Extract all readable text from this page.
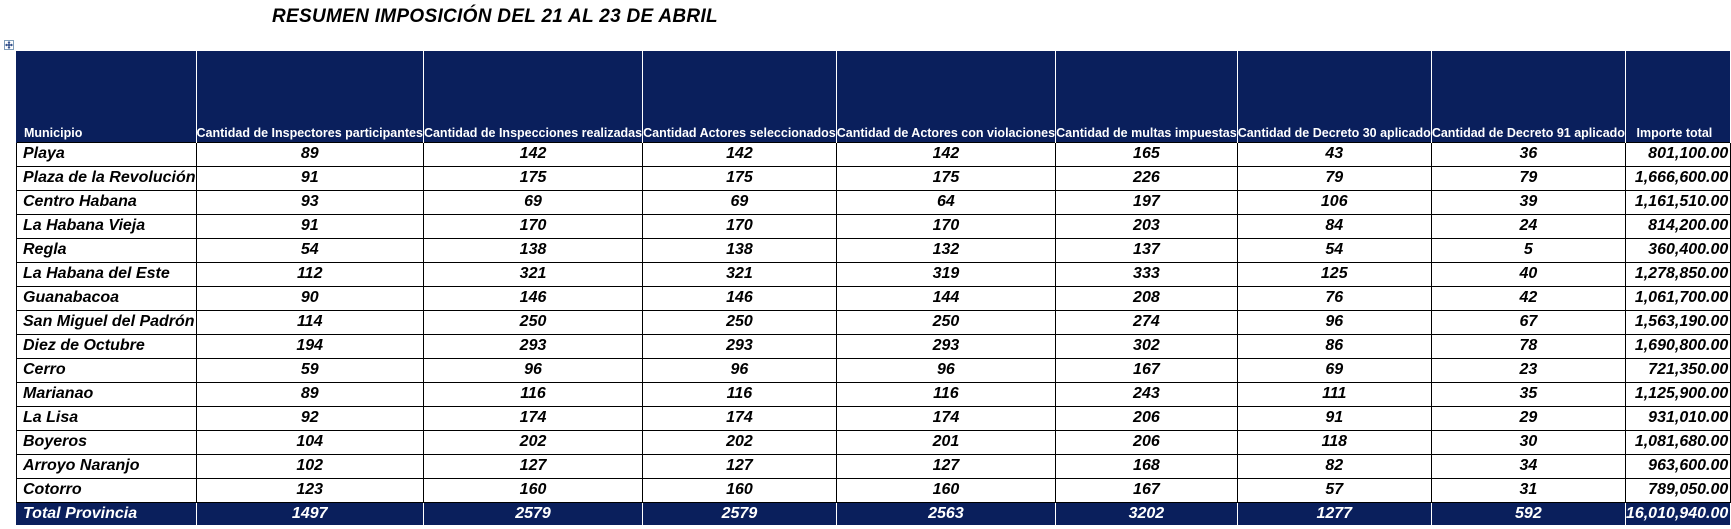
RESUMEN IMPOSICIÓN DEL 21 AL 23 DE ABRIL
Municipio	Cantidad de Inspectores participantes	Cantidad de Inspecciones realizadas	Cantidad Actores seleccionados	Cantidad de Actores con violaciones	Cantidad de multas impuestas	Cantidad de Decreto 30 aplicado	Cantidad de Decreto 91 aplicado	Importe total
Playa	89	142	142	142	165	43	36	801,100.00
Plaza de la Revolución	91	175	175	175	226	79	79	1,666,600.00
Centro Habana	93	69	69	64	197	106	39	1,161,510.00
La Habana Vieja	91	170	170	170	203	84	24	814,200.00
Regla	54	138	138	132	137	54	5	360,400.00
La Habana del Este	112	321	321	319	333	125	40	1,278,850.00
Guanabacoa	90	146	146	144	208	76	42	1,061,700.00
San Miguel del Padrón	114	250	250	250	274	96	67	1,563,190.00
Diez de Octubre	194	293	293	293	302	86	78	1,690,800.00
Cerro	59	96	96	96	167	69	23	721,350.00
Marianao	89	116	116	116	243	111	35	1,125,900.00
La Lisa	92	174	174	174	206	91	29	931,010.00
Boyeros	104	202	202	201	206	118	30	1,081,680.00
Arroyo Naranjo	102	127	127	127	168	82	34	963,600.00
Cotorro	123	160	160	160	167	57	31	789,050.00
Total Provincia	1497	2579	2579	2563	3202	1277	592	16,010,940.00
